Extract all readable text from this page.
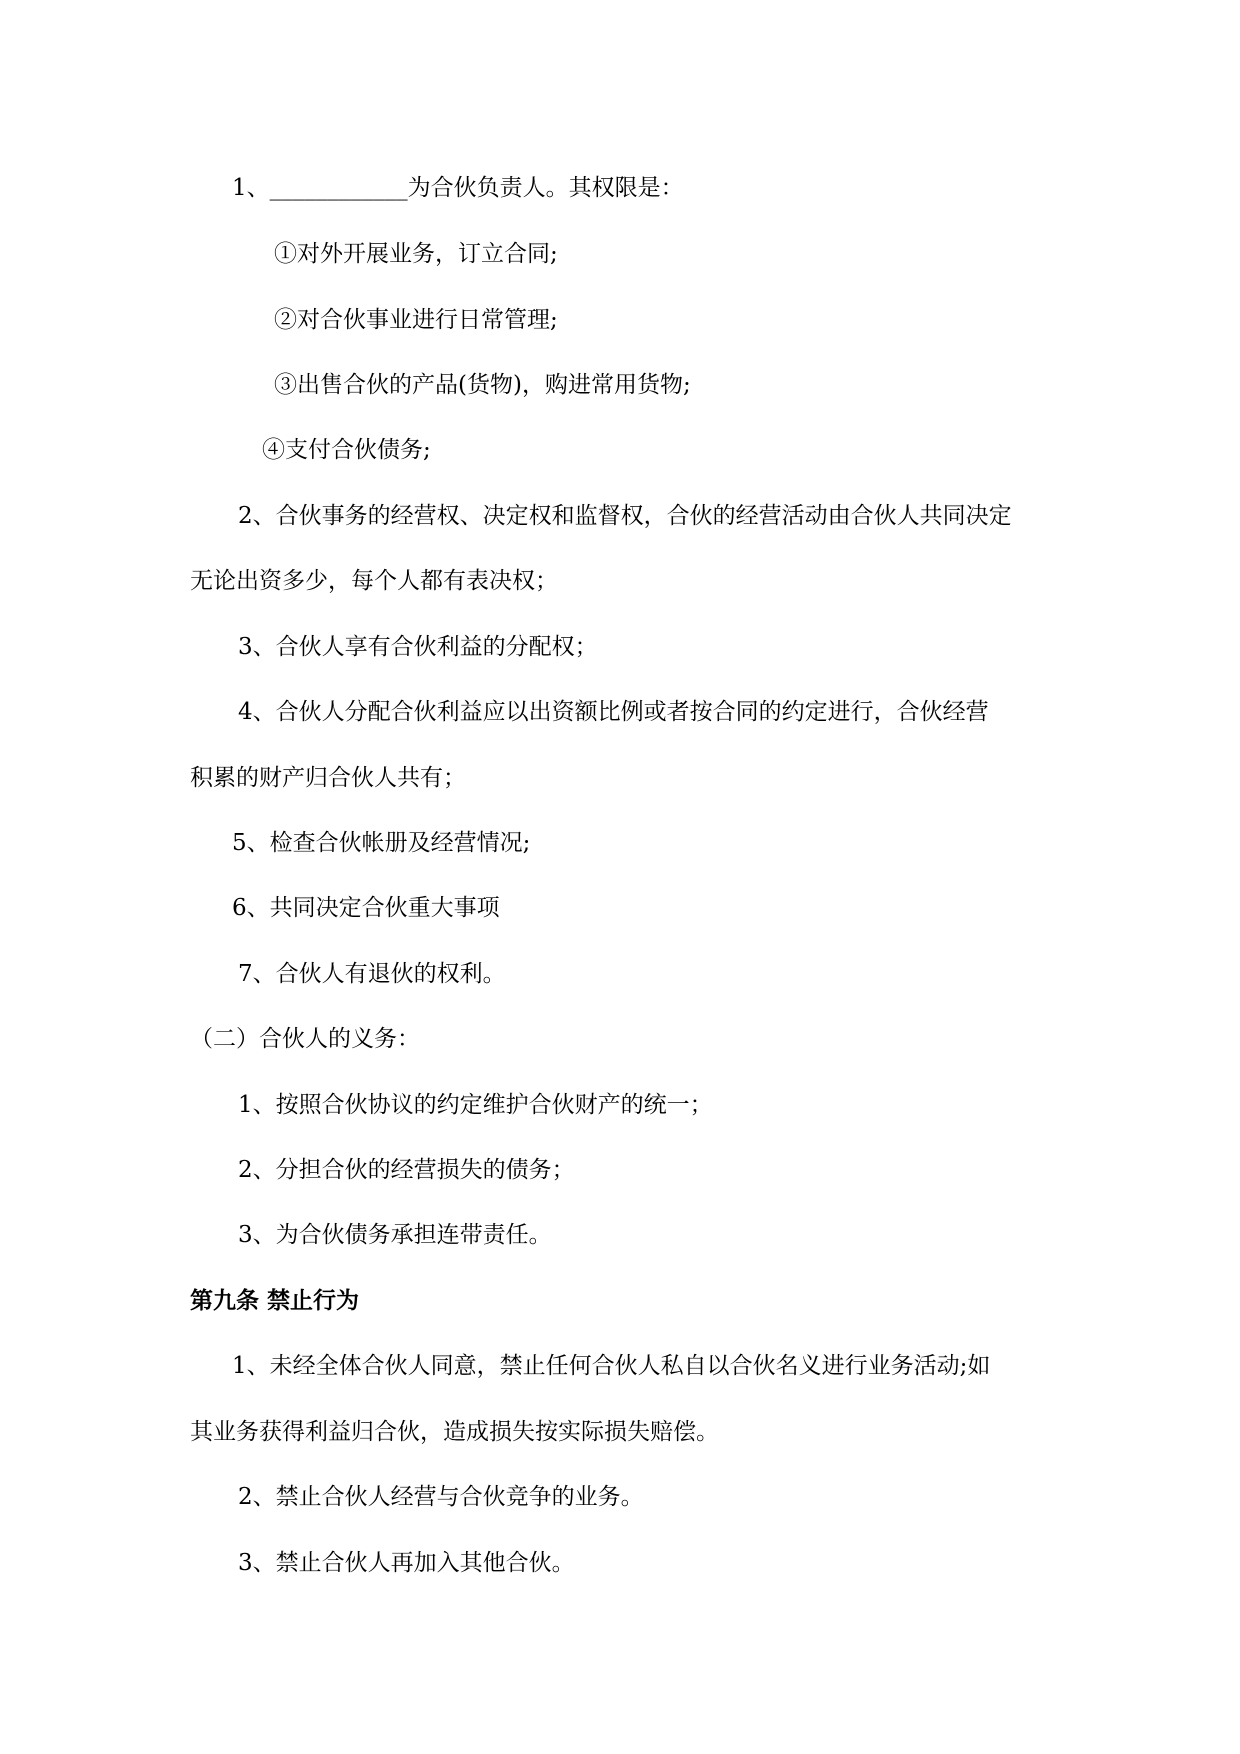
1、____________为合伙负责人。其权限是：
①对外开展业务，订立合同;
②对合伙事业进行日常管理;
③出售合伙的产品(货物)，购进常用货物;
④支付合伙债务;
2、合伙事务的经营权、决定权和监督权，合伙的经营活动由合伙人共同决定
无论出资多少，每个人都有表决权；
3、合伙人享有合伙利益的分配权；
4、合伙人分配合伙利益应以出资额比例或者按合同的约定进行，合伙经营
积累的财产归合伙人共有；
5、检查合伙帐册及经营情况;
6、共同决定合伙重大事项
7、合伙人有退伙的权利。
（二）合伙人的义务：
1、按照合伙协议的约定维护合伙财产的统一；
2、分担合伙的经营损失的债务；
3、为合伙债务承担连带责任。
第九条 禁止行为
1、未经全体合伙人同意，禁止任何合伙人私自以合伙名义进行业务活动;如
其业务获得利益归合伙，造成损失按实际损失赔偿。
2、禁止合伙人经营与合伙竞争的业务。
3、禁止合伙人再加入其他合伙。
